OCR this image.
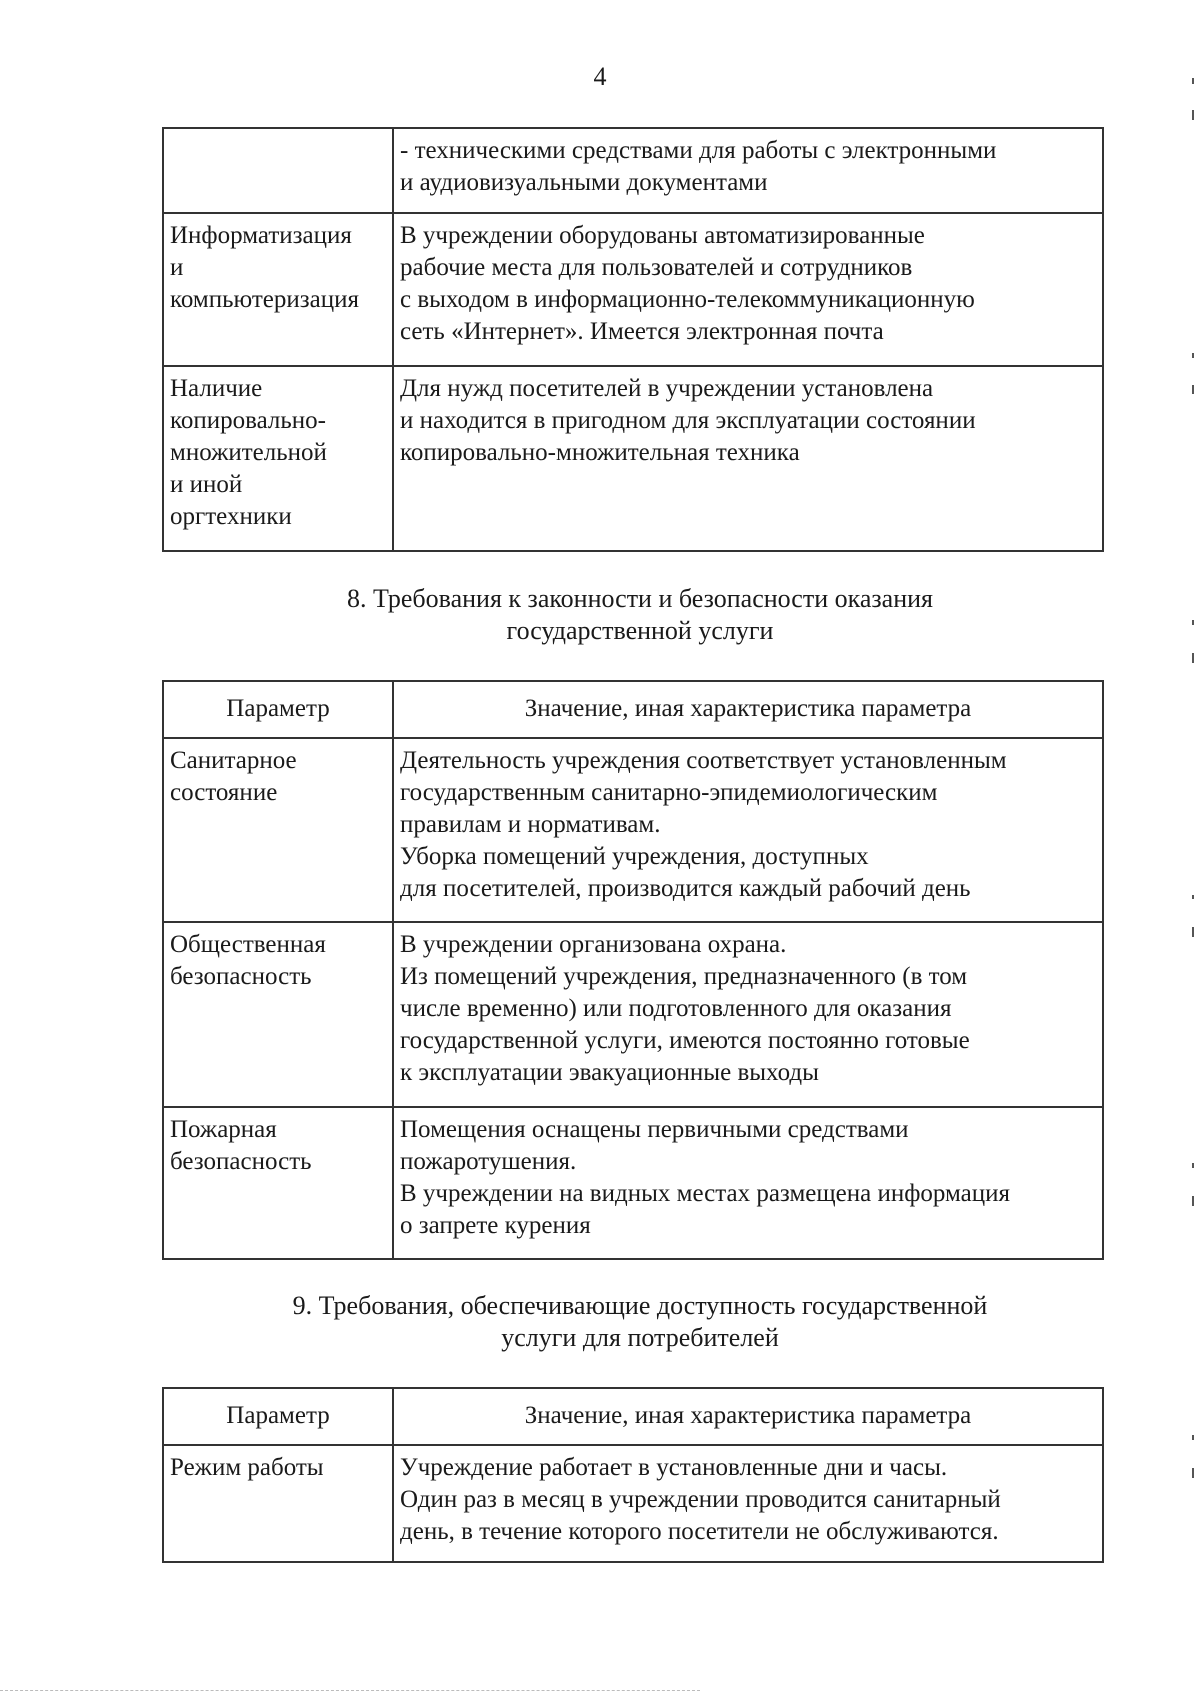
4

	- техническими средствами для работы с электронными
и аудиовизуальными документами

Информатизация
и
компьютеризация	В учреждении оборудованы автоматизированные
рабочие места для пользователей и сотрудников
с выходом в информационно-телекоммуникационную
сеть «Интернет». Имеется электронная почта

Наличие
копировально-
множительной
и иной
оргтехники	Для нужд посетителей в учреждении установлена
и находится в пригодном для эксплуатации состоянии
копировально-множительная техника
8. Требования к законности и безопасности оказания
государственной услуги
Параметр	Значение, иная характеристика параметра

Санитарное
состояние	Деятельность учреждения соответствует установленным
государственным санитарно-эпидемиологическим
правилам и нормативам.
Уборка помещений учреждения, доступных
для посетителей, производится каждый рабочий день

Общественная
безопасность	В учреждении организована охрана.
Из помещений учреждения, предназначенного (в том
числе временно) или подготовленного для оказания
государственной услуги, имеются постоянно готовые
к эксплуатации эвакуационные выходы

Пожарная
безопасность	Помещения оснащены первичными средствами
пожаротушения.
В учреждении на видных местах размещена информация
о запрете курения
9. Требования, обеспечивающие доступность государственной
услуги для потребителей
Параметр	Значение, иная характеристика параметра

Режим работы	Учреждение работает в установленные дни и часы.
Один раз в месяц в учреждении проводится санитарный
день, в течение которого посетители не обслуживаются.
